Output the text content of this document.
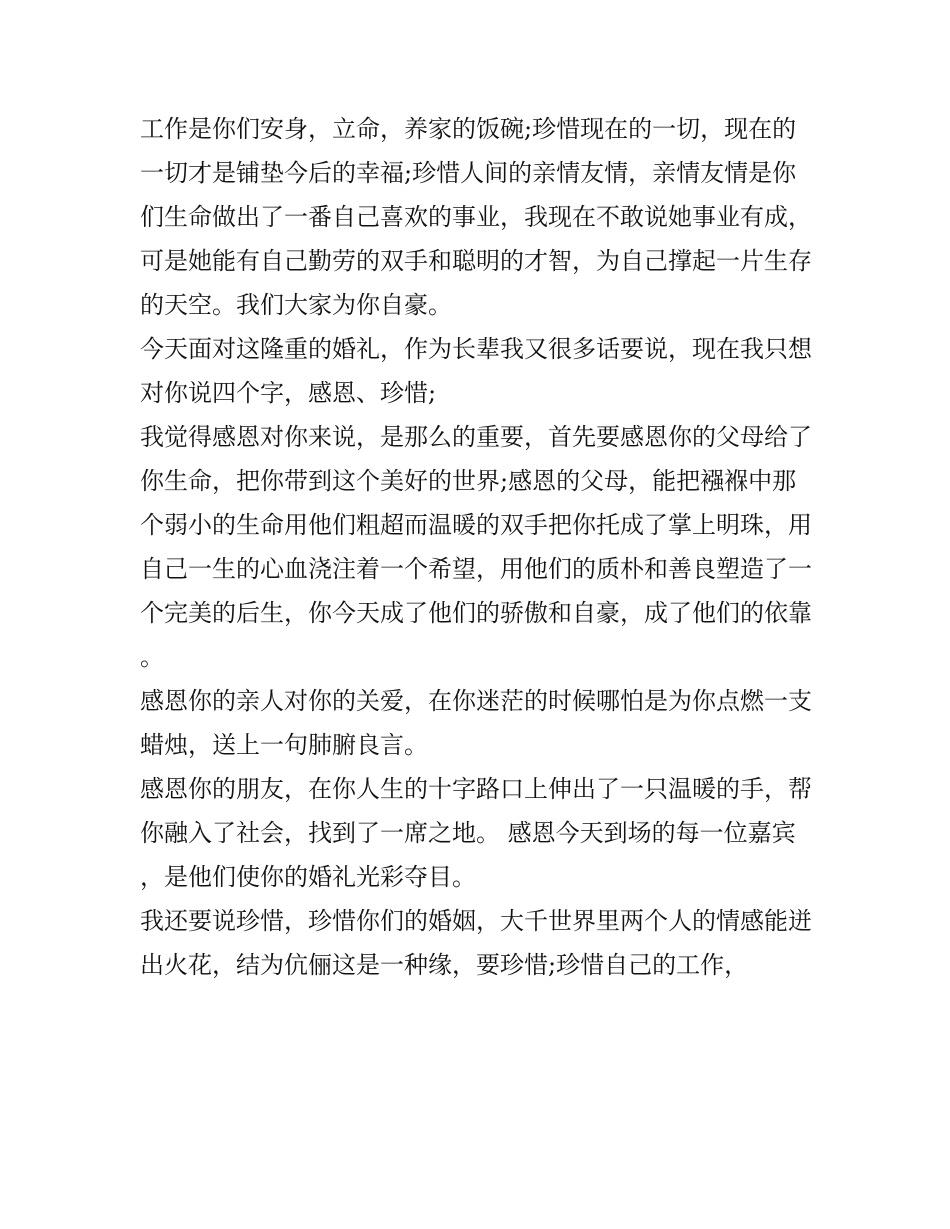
工作是你们安身，立命，养家的饭碗;珍惜现在的一切，现在的一切才是铺垫今后的幸福;珍惜人间的亲情友情，亲情友情是你们生命做出了一番自己喜欢的事业，我现在不敢说她事业有成，可是她能有自己勤劳的双手和聪明的才智，为自己撑起一片生存的天空。我们大家为你自豪。

今天面对这隆重的婚礼，作为长辈我又很多话要说，现在我只想对你说四个字，感恩、珍惜;

我觉得感恩对你来说，是那么的重要，首先要感恩你的父母给了你生命，把你带到这个美好的世界;感恩的父母，能把襁褓中那个弱小的生命用他们粗超而温暖的双手把你托成了掌上明珠，用自己一生的心血浇注着一个希望，用他们的质朴和善良塑造了一个完美的后生，你今天成了他们的骄傲和自豪，成了他们的依靠。

感恩你的亲人对你的关爱，在你迷茫的时候哪怕是为你点燃一支蜡烛，送上一句肺腑良言。

感恩你的朋友，在你人生的十字路口上伸出了一只温暖的手，帮你融入了社会，找到了一席之地。 感恩今天到场的每一位嘉宾，是他们使你的婚礼光彩夺目。

我还要说珍惜，珍惜你们的婚姻，大千世界里两个人的情感能迸出火花，结为伉俪这是一种缘，要珍惜;珍惜自己的工作，
